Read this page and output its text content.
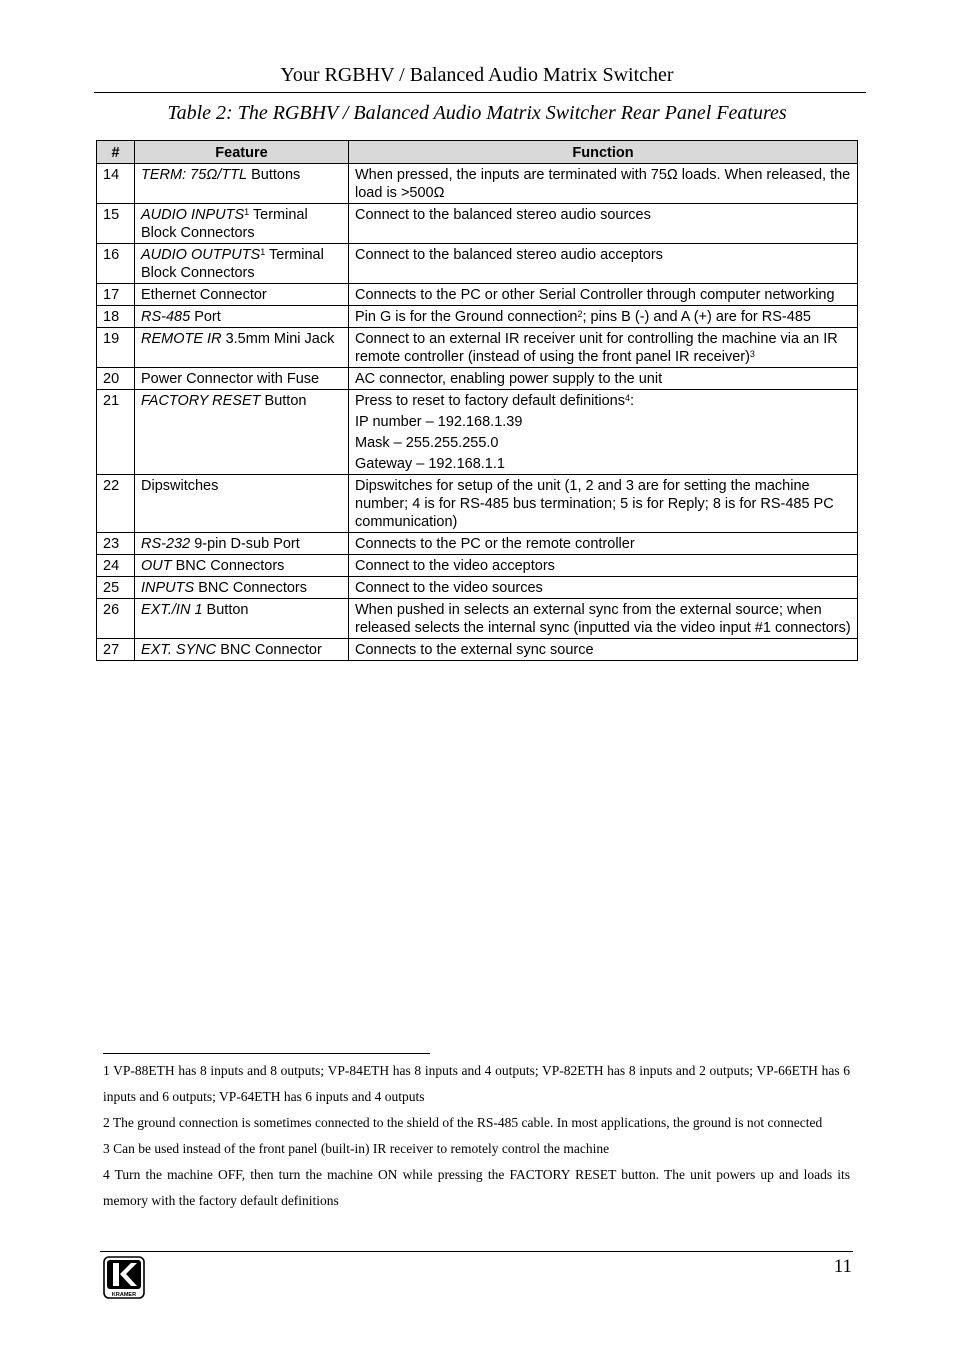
Your RGBHV / Balanced Audio Matrix Switcher
Table 2: The RGBHV / Balanced Audio Matrix Switcher Rear Panel Features
#	Feature	Function
14	TERM: 75Ω/TTL Buttons	When pressed, the inputs are terminated with 75Ω loads. When released, the load is >500Ω
15	AUDIO INPUTS$^1$ Terminal Block Connectors	Connect to the balanced stereo audio sources
16	AUDIO OUTPUTS$^1$ Terminal Block Connectors	Connect to the balanced stereo audio acceptors
17	Ethernet Connector	Connects to the PC or other Serial Controller through computer networking
18	RS-485 Port	Pin G is for the Ground connection$^2$; pins B (-) and A (+) are for RS-485
19	REMOTE IR 3.5mm Mini Jack	Connect to an external IR receiver unit for controlling the machine via an IR remote controller (instead of using the front panel IR receiver)$^3$
20	Power Connector with Fuse	AC connector, enabling power supply to the unit
21	FACTORY RESET Button	Press to reset to factory default definitions$^4$:
IP number – 192.168.1.39
Mask – 255.255.255.0
Gateway – 192.168.1.1

22	Dipswitches	Dipswitches for setup of the unit (1, 2 and 3 are for setting the machine number; 4 is for RS-485 bus termination; 5 is for Reply; 8 is for RS-485 PC communication)
23	RS-232 9-pin D-sub Port	Connects to the PC or the remote controller
24	OUT BNC Connectors	Connect to the video acceptors
25	INPUTS BNC Connectors	Connect to the video sources
26	EXT./IN 1 Button	When pushed in selects an external sync from the external source; when released selects the internal sync (inputted via the video input #1 connectors)
27	EXT. SYNC BNC Connector	Connects to the external sync source

1 VP-88ETH has 8 inputs and 8 outputs; VP-84ETH has 8 inputs and 4 outputs; VP-82ETH has 8 inputs and 2 outputs; VP-66ETH has 6 inputs and 6 outputs; VP-64ETH has 6 inputs and 4 outputs

2 The ground connection is sometimes connected to the shield of the RS-485 cable. In most applications, the ground is not connected

3 Can be used instead of the front panel (built-in) IR receiver to remotely control the machine

4 Turn the machine OFF, then turn the machine ON while pressing the FACTORY RESET button. The unit powers up and loads its memory with the factory default definitions

11
KRAMER
